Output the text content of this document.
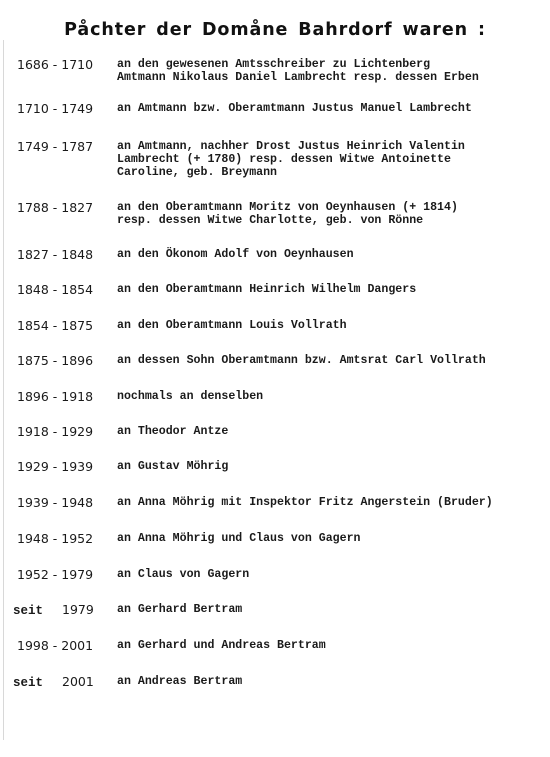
Påchter der Domåne Bahrdorf waren :
1686 - 1710 an den gewesenen Amtsschreiber zu Lichtenberg
Amtmann Nikolaus Daniel Lambrecht resp. dessen Erben
1710 - 1749 an Amtmann bzw. Oberamtmann Justus Manuel Lambrecht
1749 - 1787 an Amtmann, nachher Drost Justus Heinrich Valentin
Lambrecht (+ 1780) resp. dessen Witwe Antoinette
Caroline, geb. Breymann
1788 - 1827 an den Oberamtmann Moritz von Oeynhausen (+ 1814)
resp. dessen Witwe Charlotte, geb. von Rönne
1827 - 1848 an den Ökonom Adolf von Oeynhausen
1848 - 1854 an den Oberamtmann Heinrich Wilhelm Dangers
1854 - 1875 an den Oberamtmann Louis Vollrath
1875 - 1896 an dessen Sohn Oberamtmann bzw. Amtsrat Carl Vollrath
1896 - 1918 nochmals an denselben
1918 - 1929 an Theodor Antze
1929 - 1939 an Gustav Möhrig
1939 - 1948 an Anna Möhrig mit Inspektor Fritz Angerstein (Bruder)
1948 - 1952 an Anna Möhrig und Claus von Gagern
1952 - 1979 an Claus von Gagern
seit 1979 an Gerhard Bertram
1998 - 2001 an Gerhard und Andreas Bertram
seit 2001 an Andreas Bertram
